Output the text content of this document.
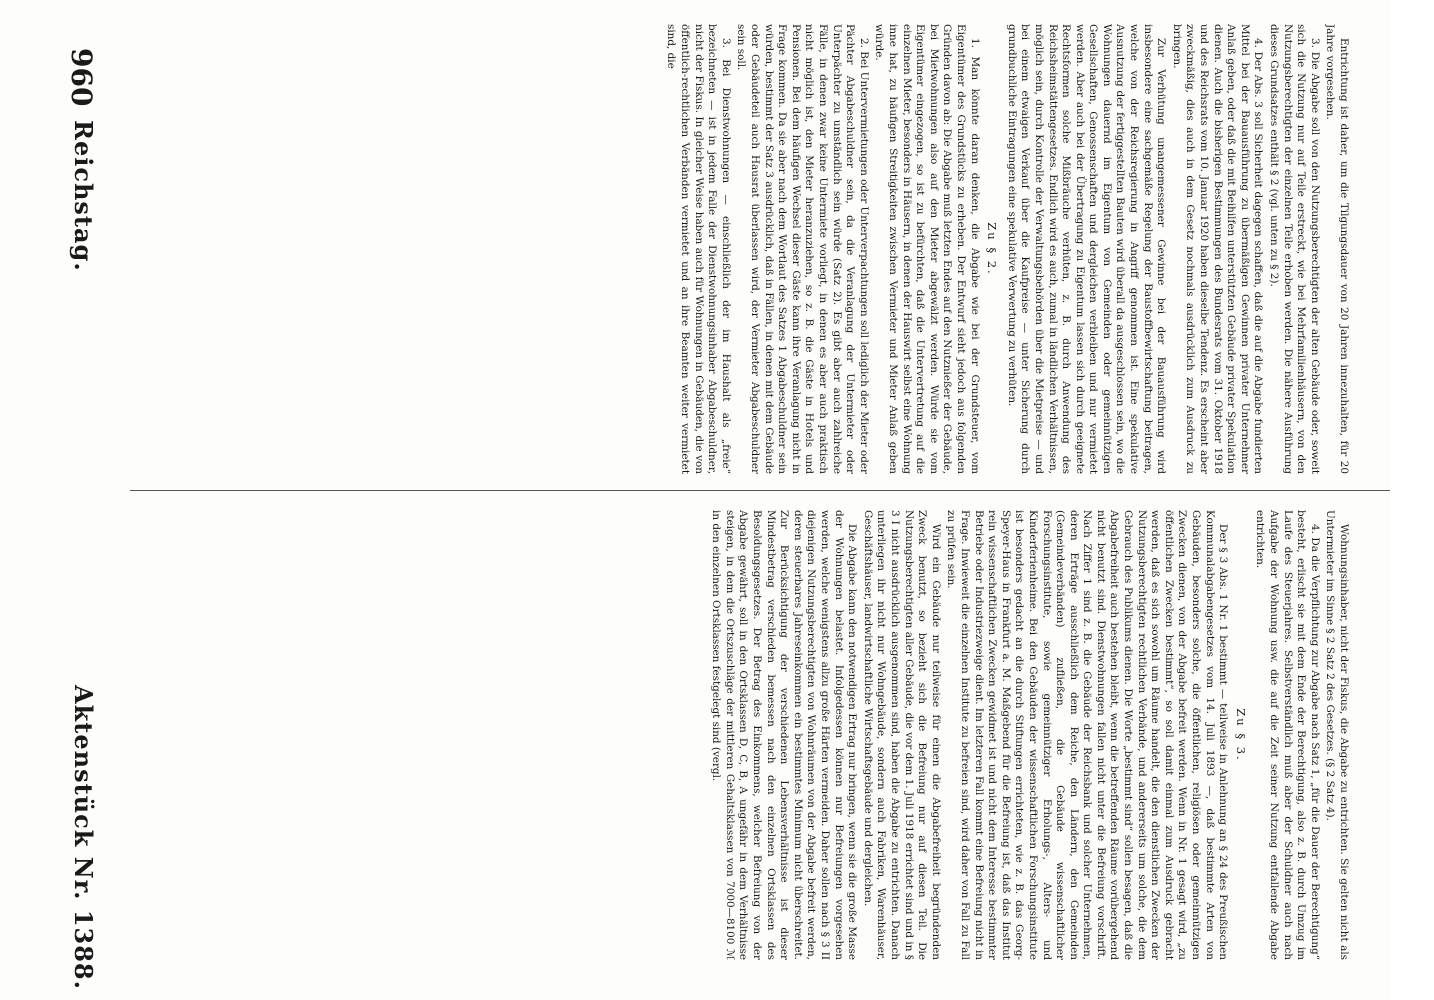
960
Reichstag.
Aktenstück Nr. 1388.

Entrichtung ist daher, um die Tilgungsdauer von 20 Jahren innezuhalten, für 20 Jahre vorgesehen.

3. Die Abgabe soll von den Nutzungsberechtigten der alten Gebäude oder, soweit sich die Nutzung nur auf Teile erstreckt, wie bei Mehrfamilienhäusern, von den Nutzungsberechtigten der einzelnen Teile erhoben werden. Die nähere Ausführung dieses Grundsatzes enthält § 2 (vgl. unten zu § 2).

4. Der Abs. 3 soll Sicherheit dagegen schaffen, daß die auf die Abgabe fundierten Mittel bei der Bauausführung zu übermäßigen Gewinnen privater Unternehmer Anlaß geben, oder daß die mit Beihilfen unterstützten Gebäude privater Spekulation dienen. Auch die bisherigen Bestimmungen des Bundesrats vom 31. Oktober 1918 und des Reichsrats vom 10. Januar 1920 haben dieselbe Tendenz. Es erscheint aber zweckmäßig, dies auch in dem Gesetz nochmals ausdrücklich zum Ausdruck zu bringen.

Zur Verhütung unangemessener Gewinne bei der Bauausführung wird insbesondere eine sachgemäße Regelung der Baustoffbewirtschaftung beitragen, welche von der Reichsregierung in Angriff genommen ist. Eine spekulative Ausnutzung der fertiggestellten Bauten wird überall da ausgeschlossen sein, wo die Wohnungen dauernd im Eigentum von Gemeinden oder gemeinnützigen Gesellschaften, Genossenschaften und dergleichen verbleiben und nur vermietet werden. Aber auch bei der Übertragung zu Eigentum lassen sich durch geeignete Rechtsformen solche Mißbräuche verhüten, z. B. durch Anwendung des Reichsheimstättengesetzes. Endlich wird es auch, zumal in ländlichen Verhältnissen, möglich sein, durch Kontrolle der Verwaltungsbehörden über die Mietpreise — und bei einem etwaigen Verkauf über die Kaufpreise — unter Sicherung durch grundbuchliche Eintragungen eine spekulative Verwertung zu verhüten.

Zu § 2.

1. Man könnte daran denken, die Abgabe wie bei der Grundsteuer, vom Eigentümer des Grundstücks zu erheben. Der Entwurf sieht jedoch aus folgenden Gründen davon ab: Die Abgabe muß letzten Endes auf den Nutznießer der Gebäude, bei Mietwohnungen also auf den Mieter abgewälzt werden. Würde sie vom Eigentümer eingezogen, so ist zu befürchten, daß die Untervertretung auf die einzelnen Mieter, besonders in Häusern, in denen der Hauswirt selbst eine Wohnung inne hat, zu häufigen Streitigkeiten zwischen Vermieter und Mieter Anlaß geben würde.

2. Bei Untervermietungen oder Unterverpachtungen soll lediglich der Mieter oder Pächter Abgabeschuldner sein, da die Veranlagung der Untermieter oder Unterpächter zu umständlich sein würde (Satz 2). Es gibt aber auch zahlreiche Fälle, in denen zwar keine Untermiete vorliegt, in denen es aber auch praktisch nicht möglich ist, den Mieter heranzuziehen, so z. B. die Gäste in Hotels und Pensionen. Bei dem häufigen Wechsel dieser Gäste kann ihre Veranlagung nicht in Frage kommen. Da sie aber nach dem Wortlaut des Satzes 1 Abgabeschuldner sein würden, bestimmt der Satz 3 ausdrücklich, daß in Fällen, in denen mit dem Gebäude oder Gebäudeteil auch Hausrat überlassen wird, der Vermieter Abgabeschuldner sein soll.

3. Bei Dienstwohnungen — einschließlich der im Haushalt als „freie“ bezeichneten — ist in jedem Falle der Dienstwohnungsinhaber Abgabeschuldner, nicht der Fiskus. In gleicher Weise haben auch für Wohnungen in Gebäuden, die von öffentlich-rechtlichen Verbänden vermietet und an ihre Beamten weiter vermietet sind, die

Wohnungsinhaber, nicht der Fiskus, die Abgabe zu entrichten. Sie gelten nicht als Untermieter im Sinne § 2 Satz 2 des Gesetzes. (§ 2 Satz 4).

4. Da die Verpflichtung zur Abgabe nach Satz 1, „für die Dauer der Berechtigung“ besteht, erlischt sie mit dem Ende der Berechtigung, also z. B. durch Umzug im Laufe des Steuerjahres. Selbstverständlich muß aber der Schuldner auch nach Aufgabe der Wohnung usw. die auf die Zeit seiner Nutzung entfallende Abgabe entrichten.

Zu § 3.

Der § 3 Abs. 1 Nr. 1 bestimmt — teilweise in Anlehnung an § 24 des Preußischen Kommunalabgabengesetzes vom 14. Juli 1893 —, daß bestimmte Arten von Gebäuden, besonders solche, die öffentlichen, religiösen oder gemeinnützigen Zwecken dienen, von der Abgabe befreit werden. Wenn in Nr. 1 gesagt wird, „zu öffentlichen Zwecken bestimmt“, so soll damit einmal zum Ausdruck gebracht werden, daß es sich sowohl um Räume handelt, die den dienstlichen Zwecken der Nutzungsberechtigten rechtlichen Verbände, und andererseits um solche, die dem Gebrauch des Publikums dienen. Die Worte „bestimmt sind“ sollen besagen, daß die Abgabefreiheit auch bestehen bleibt, wenn die betreffenden Räume vorübergehend nicht benutzt sind. Dienstwohnungen fallen nicht unter die Befreiung vorschrift. Nach Ziffer 1 sind z. B. die Gebäude der Reichsbank und solcher Unternehmen, deren Erträge ausschließlich dem Reiche, den Ländern, den Gemeinden (Gemeindeverbänden) zufließen, die Gebäude wissenschaftlicher Forschungsinstitute, sowie gemeinnütziger Erholungs-, Alters- und Kinderferienheime. Bei den Gebäuden der wissenschaftlichen Forschungsinstitute ist besonders gedacht an die durch Stiftungen errichteten, wie z. B. das Georg-Speyer-Haus in Frankfurt a. M. Maßgebend für die Befreiung ist, daß das Institut rein wissenschaftlichen Zwecken gewidmet ist und nicht dem Interesse bestimmter Betriebe oder Industriezweige dient. Im letzteren Fall kommt eine Befreiung nicht in Frage. Inwieweit die einzelnen Institute zu befreien sind, wird daher von Fall zu Fall zu prüfen sein.

Wird ein Gebäude nur teilweise für einen die Abgabefreiheit begründenden Zweck benutzt, so bezieht sich die Befreiung nur auf diesen Teil. Die Nutzungsberechtigten aller Gebäude, die vor dem 1. Juli 1918 errichtet sind und in § 3 I nicht ausdrücklich ausgenommen sind, haben die Abgabe zu entrichten. Danach unterliegen ihr nicht nur Wohngebäude, sondern auch Fabriken, Warenhäuser, Geschäftshäuser, landwirtschaftliche Wirtschaftsgebäude und dergleichen.

Die Abgabe kann den notwendigen Ertrag nur bringen, wenn sie die große Masse der Wohnungen belastet. Infolgedessen können nur Befreiungen vorgesehen werden, welche wenigstens allzu große Härten vermeiden. Daher sollen nach § 3 II diejenigen Nutzungsberechtigten von Wohnräumen von der Abgabe befreit werden, deren steuerbares Jahreseinkommen ein bestimmtes Minimum nicht überschreitet. Zur Berücksichtigung der verschiedenen Lebensverhältnisse ist dieser Mindestbetrag verschieden bemessen nach den einzelnen Ortsklassen des Besoldungsgesetzes. Der Betrag des Einkommens, welcher Befreiung von der Abgabe gewährt, soll in den Ortsklassen D, C, B, A ungefähr in dem Verhältnisse steigen, in dem die Ortszuschläge der mittleren Gehaltsklassen von 7000—8100 ℳ in den einzelnen Ortsklassen festgelegt sind (vergl.
